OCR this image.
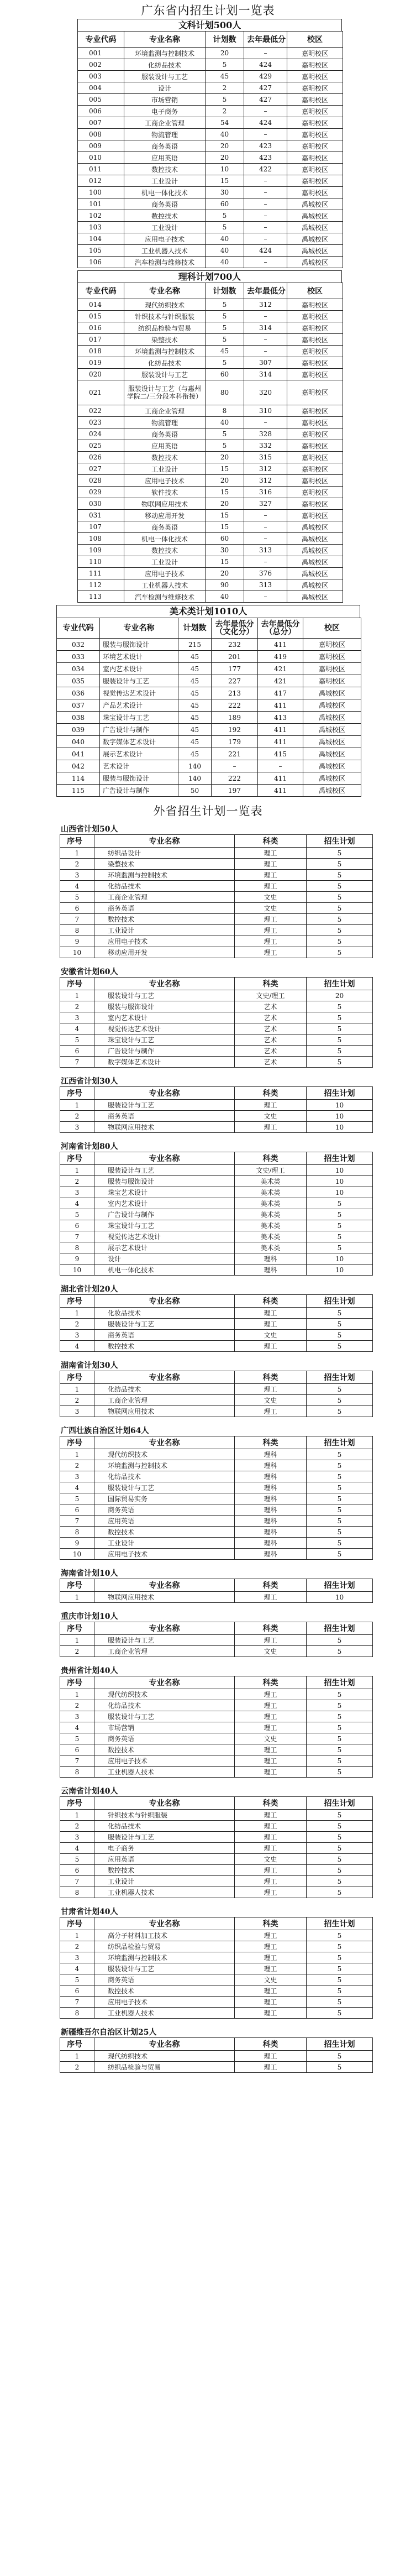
广东省内招生计划一览表
文科计划500人
专业代码	专业名称	计划数	去年最低分	校区
001	环境监测与控制技术	20	–	嘉明校区
002	化纺品技术	5	424	嘉明校区
003	服装设计与工艺	45	429	嘉明校区
004	设计	2	427	嘉明校区
005	市场营销	5	427	嘉明校区
006	电子商务	2	–	嘉明校区
007	工商企业管理	54	424	嘉明校区
008	物流管理	40	–	嘉明校区
009	商务英语	20	423	嘉明校区
010	应用英语	20	423	嘉明校区
011	数控技术	10	422	嘉明校区
012	工业设计	15	–	嘉明校区
100	机电一体化技术	30	–	嘉明校区
101	商务英语	60	–	禹城校区
102	数控技术	5	–	禹城校区
103	工业设计	5	–	禹城校区
104	应用电子技术	40	–	禹城校区
105	工业机器人技术	40	424	禹城校区
106	汽车检测与维修技术	40	–	禹城校区
理科计划700人
专业代码	专业名称	计划数	去年最低分	校区
014	现代纺织技术	5	312	嘉明校区
015	针织技术与针织服装	5	–	嘉明校区
016	纺织品检验与贸易	5	314	嘉明校区
017	染整技术	5	–	嘉明校区
018	环境监测与控制技术	45	–	嘉明校区
019	化纺品技术	5	307	嘉明校区
020	服装设计与工艺	60	314	嘉明校区
021	服装设计与工艺（与惠州学院二/三分段本科衔接）	80	320	嘉明校区
022	工商企业管理	8	310	嘉明校区
023	物流管理	40	–	嘉明校区
024	商务英语	5	328	嘉明校区
025	应用英语	5	332	嘉明校区
026	数控技术	20	315	嘉明校区
027	工业设计	15	312	嘉明校区
028	应用电子技术	20	312	嘉明校区
029	软件技术	15	316	嘉明校区
030	物联网应用技术	20	327	嘉明校区
031	移动应用开发	15	–	嘉明校区
107	商务英语	15	–	禹城校区
108	机电一体化技术	60	–	禹城校区
109	数控技术	30	313	禹城校区
110	工业设计	15	–	禹城校区
111	应用电子技术	20	376	禹城校区
112	工业机器人技术	90	313	禹城校区
113	汽车检测与维修技术	40	–	禹城校区
美术类计划1010人
专业代码	专业名称	计划数	去年最低分（文化分）	去年最低分（总分）	校区
032	服装与服饰设计	215	232	411	嘉明校区
033	环境艺术设计	45	201	419	嘉明校区
034	室内艺术设计	45	177	421	嘉明校区
035	服装设计与工艺	45	227	421	嘉明校区
036	视觉传达艺术设计	45	213	417	禹城校区
037	产品艺术设计	45	222	411	禹城校区
038	珠宝设计与工艺	45	189	413	禹城校区
039	广告设计与制作	45	192	411	禹城校区
040	数字媒体艺术设计	45	179	411	禹城校区
041	展示艺术设计	45	221	415	禹城校区
042	艺术设计	140	–	–	禹城校区
114	服装与服饰设计	140	222	411	禹城校区
115	广告设计与制作	50	197	411	禹城校区
外省招生计划一览表
山西省计划50人
序号	专业名称	科类	招生计划
1	纺织品设计	理工	5
2	染整技术	理工	5
3	环境监测与控制技术	理工	5
4	化纺品技术	理工	5
5	工商企业管理	文史	5
6	商务英语	文史	5
7	数控技术	理工	5
8	工业设计	理工	5
9	应用电子技术	理工	5
10	移动应用开发	理工	5
安徽省计划60人
序号	专业名称	科类	招生计划
1	服装设计与工艺	文史/理工	20
2	服装与服饰设计	艺术	5
3	室内艺术设计	艺术	5
4	视觉传达艺术设计	艺术	5
5	珠宝设计与工艺	艺术	5
6	广告设计与制作	艺术	5
7	数字媒体艺术设计	艺术	5
江西省计划30人
序号	专业名称	科类	招生计划
1	服装设计与工艺	理工	10
2	商务英语	文史	10
3	物联网应用技术	理工	10
河南省计划80人
序号	专业名称	科类	招生计划
1	服装设计与工艺	文史/理工	10
2	服装与服饰设计	美术类	10
3	珠宝艺术设计	美术类	10
4	室内艺术设计	美术类	5
5	广告设计与制作	美术类	5
6	珠宝设计与工艺	美术类	5
7	视觉传达艺术设计	美术类	5
8	展示艺术设计	美术类	5
9	设计	理科	10
10	机电一体化技术	理科	10
湖北省计划20人
序号	专业名称	科类	招生计划
1	化妆品技术	理工	5
2	服装设计与工艺	理工	5
3	商务英语	文史	5
4	数控技术	理工	5
湖南省计划30人
序号	专业名称	科类	招生计划
1	化纺品技术	理工	5
2	工商企业管理	文史	5
3	物联网应用技术	理工	5
广西壮族自治区计划64人
序号	专业名称	科类	招生计划
1	现代纺织技术	理科	5
2	环境监测与控制技术	理科	5
3	化纺品技术	理科	5
4	服装设计与工艺	理科	5
5	国际贸易实务	理科	5
6	商务英语	理科	5
7	应用英语	理科	5
8	数控技术	理科	5
9	工业设计	理科	5
10	应用电子技术	理科	5
海南省计划10人
序号	专业名称	科类	招生计划
1	物联网应用技术	理工	10
重庆市计划10人
序号	专业名称	科类	招生计划
1	服装设计与工艺	理工	5
2	工商企业管理	文史	5
贵州省计划40人
序号	专业名称	科类	招生计划
1	现代纺织技术	理工	5
2	化纺品技术	理工	5
3	服装设计与工艺	理工	5
4	市场营销	理工	5
5	商务英语	文史	5
6	数控技术	理工	5
7	应用电子技术	理工	5
8	工业机器人技术	理工	5
云南省计划40人
序号	专业名称	科类	招生计划
1	针织技术与针织服装	理工	5
2	化纺品技术	理工	5
3	服装设计与工艺	理工	5
4	电子商务	理工	5
5	应用英语	文史	5
6	数控技术	理工	5
7	工业设计	理工	5
8	工业机器人技术	理工	5
甘肃省计划40人
序号	专业名称	科类	招生计划
1	高分子材料加工技术	理工	5
2	纺织品检验与贸易	理工	5
3	环境监测与控制技术	理工	5
4	服装设计与工艺	理工	5
5	商务英语	文史	5
6	数控技术	理工	5
7	应用电子技术	理工	5
8	工业机器人技术	理工	5
新疆维吾尔自治区计划25人
序号	专业名称	科类	招生计划
1	现代纺织技术	理工	5
2	纺织品检验与贸易	理工	5
